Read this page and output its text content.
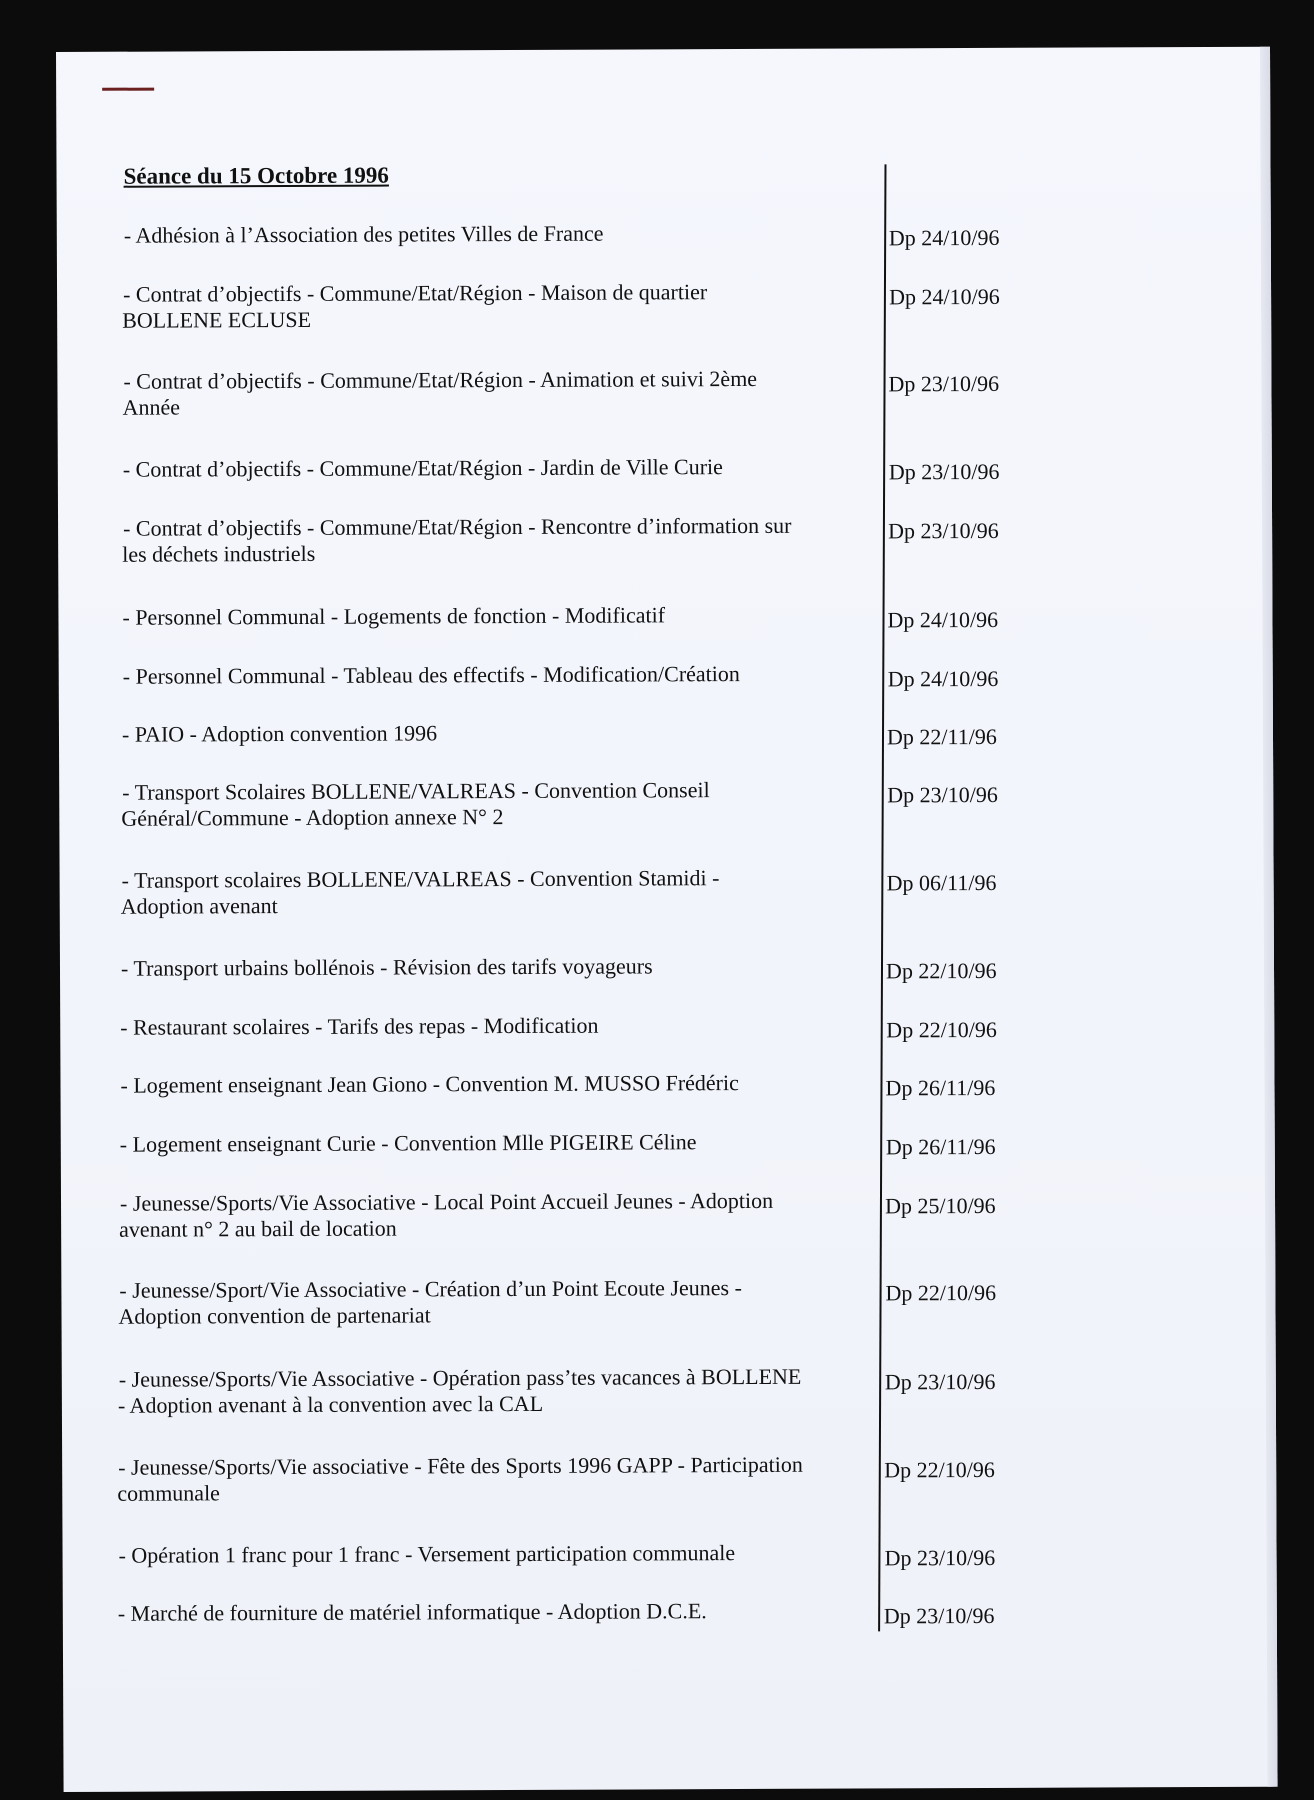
Séance du 15 Octobre 1996
- Adhésion à l’Association des petites Villes de France	Dp 24/10/96
- Contrat d’objectifs - Commune/Etat/Région - Maison de quartier
BOLLENE ECLUSE
Dp 24/10/96
- Contrat d’objectifs - Commune/Etat/Région - Animation et suivi 2ème
Année
Dp 23/10/96
- Contrat d’objectifs - Commune/Etat/Région - Jardin de Ville Curie	Dp 23/10/96
- Contrat d’objectifs - Commune/Etat/Région - Rencontre d’information sur
les déchets industriels
Dp 23/10/96
- Personnel Communal - Logements de fonction - Modificatif	Dp 24/10/96
- Personnel Communal - Tableau des effectifs - Modification/Création	Dp 24/10/96
- PAIO - Adoption convention 1996	Dp 22/11/96
- Transport Scolaires BOLLENE/VALREAS - Convention Conseil
Général/Commune - Adoption annexe N° 2
Dp 23/10/96
- Transport scolaires BOLLENE/VALREAS - Convention Stamidi -
Adoption avenant
Dp 06/11/96
- Transport urbains bollénois - Révision des tarifs voyageurs	Dp 22/10/96
- Restaurant scolaires - Tarifs des repas - Modification	Dp 22/10/96
- Logement enseignant Jean Giono - Convention M. MUSSO Frédéric	Dp 26/11/96
- Logement enseignant Curie - Convention Mlle PIGEIRE Céline	Dp 26/11/96
- Jeunesse/Sports/Vie Associative - Local Point Accueil Jeunes - Adoption
avenant n° 2 au bail de location
Dp 25/10/96
- Jeunesse/Sport/Vie Associative - Création d’un Point Ecoute Jeunes -
Adoption convention de partenariat
Dp 22/10/96
- Jeunesse/Sports/Vie Associative - Opération pass’tes vacances à BOLLENE
- Adoption avenant à la convention avec la CAL
Dp 23/10/96
- Jeunesse/Sports/Vie associative - Fête des Sports 1996 GAPP - Participation
communale
Dp 22/10/96
- Opération 1 franc pour 1 franc - Versement participation communale	Dp 23/10/96
- Marché de fourniture de matériel informatique - Adoption D.C.E.	Dp 23/10/96
